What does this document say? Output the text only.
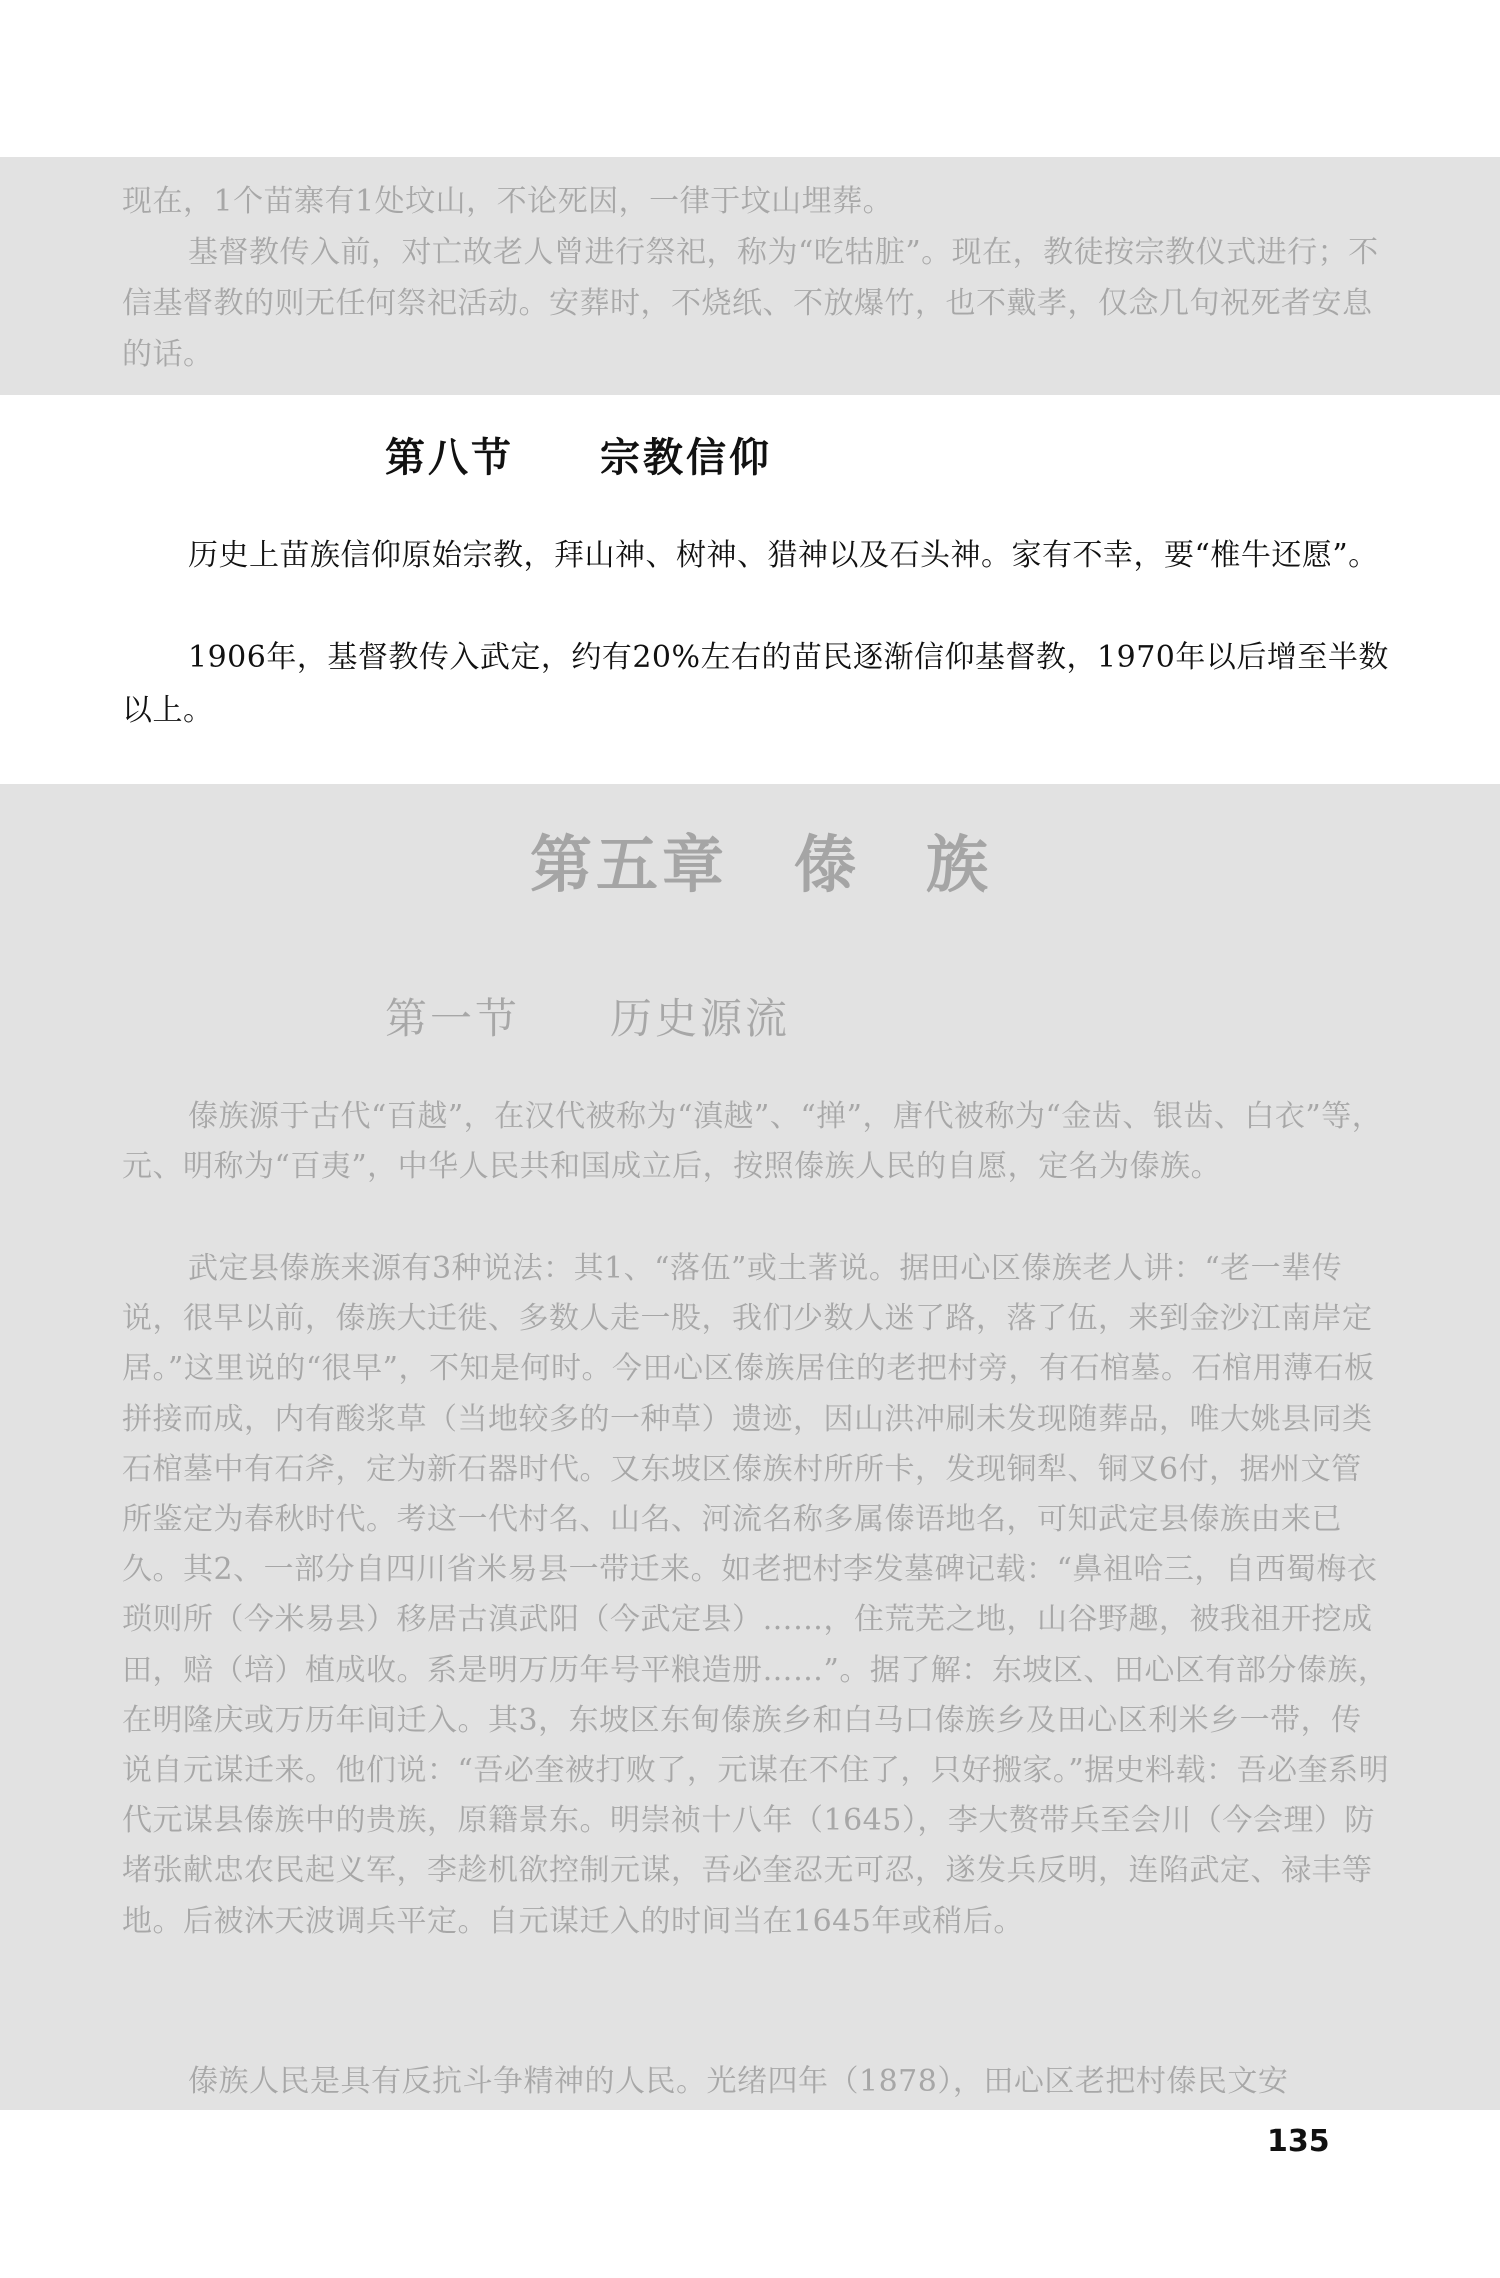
现在，1个苗寨有1处坟山，不论死因，一律于坟山埋葬。

基督教传入前，对亡故老人曾进行祭祀，称为“吃牯脏”。现在，教徒按宗教仪式进行；不信基督教的则无任何祭祀活动。安葬时，不烧纸、不放爆竹，也不戴孝，仅念几句祝死者安息的话。

第八节　　宗教信仰

历史上苗族信仰原始宗教，拜山神、树神、猎神以及石头神。家有不幸，要“椎牛还愿”。

1906年，基督教传入武定，约有20%左右的苗民逐渐信仰基督教，1970年以后增至半数以上。

第五章　傣　族
第一节　　历史源流

傣族源于古代“百越”，在汉代被称为“滇越”、“掸”，唐代被称为“金齿、银齿、白衣”等，元、明称为“百夷”，中华人民共和国成立后，按照傣族人民的自愿，定名为傣族。

武定县傣族来源有3种说法：其1、“落伍”或土著说。据田心区傣族老人讲：“老一辈传说，很早以前，傣族大迁徙、多数人走一股，我们少数人迷了路，落了伍，来到金沙江南岸定居。”这里说的“很早”，不知是何时。今田心区傣族居住的老把村旁，有石棺墓。石棺用薄石板拼接而成，内有酸浆草（当地较多的一种草）遗迹，因山洪冲刷未发现随葬品，唯大姚县同类石棺墓中有石斧，定为新石器时代。又东坡区傣族村所所卡，发现铜犁、铜叉6付，据州文管所鉴定为春秋时代。考这一代村名、山名、河流名称多属傣语地名，可知武定县傣族由来已久。其2、一部分自四川省米易县一带迁来。如老把村李发墓碑记载：“鼻祖哈三，自西蜀梅衣琐则所（今米易县）移居古滇武阳（今武定县）……，住荒芜之地，山谷野趣，被我祖开挖成田，赔（培）植成收。系是明万历年号平粮造册……”。据了解：东坡区、田心区有部分傣族，在明隆庆或万历年间迁入。其3，东坡区东甸傣族乡和白马口傣族乡及田心区利米乡一带，传说自元谋迁来。他们说：“吾必奎被打败了，元谋在不住了，只好搬家。”据史料载：吾必奎系明代元谋县傣族中的贵族，原籍景东。明崇祯十八年（1645），李大赘带兵至会川（今会理）防堵张献忠农民起义军，李趁机欲控制元谋，吾必奎忍无可忍，遂发兵反明，连陷武定、禄丰等地。后被沐天波调兵平定。自元谋迁入的时间当在1645年或稍后。

傣族人民是具有反抗斗争精神的人民。光绪四年（1878），田心区老把村傣民文安

135
